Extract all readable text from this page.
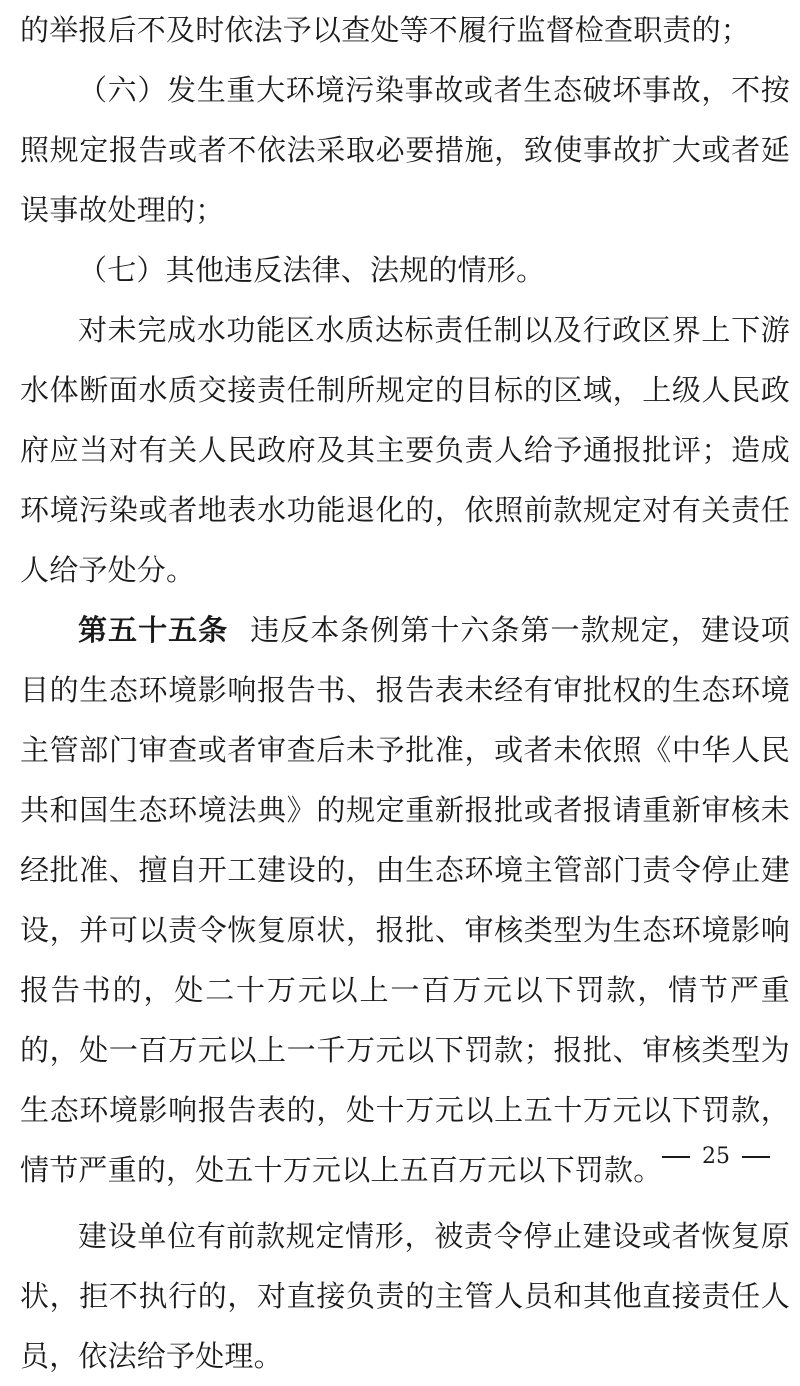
的举报后不及时依法予以查处等不履行监督检查职责的；

（六）发生重大环境污染事故或者生态破坏事故，不按照规定报告或者不依法采取必要措施，致使事故扩大或者延误事故处理的；

（七）其他违反法律、法规的情形。

对未完成水功能区水质达标责任制以及行政区界上下游水体断面水质交接责任制所规定的目标的区域，上级人民政府应当对有关人民政府及其主要负责人给予通报批评；造成环境污染或者地表水功能退化的，依照前款规定对有关责任人给予处分。

第五十五条 违反本条例第十六条第一款规定，建设项目的生态环境影响报告书、报告表未经有审批权的生态环境主管部门审查或者审查后未予批准，或者未依照《中华人民共和国生态环境法典》的规定重新报批或者报请重新审核未经批准、擅自开工建设的，由生态环境主管部门责令停止建设，并可以责令恢复原状，报批、审核类型为生态环境影响报告书的，处二十万元以上一百万元以下罚款，情节严重的，处一百万元以上一千万元以下罚款；报批、审核类型为生态环境影响报告表的，处十万元以上五十万元以下罚款，情节严重的，处五十万元以上五百万元以下罚款。

建设单位有前款规定情形，被责令停止建设或者恢复原状，拒不执行的，对直接负责的主管人员和其他直接责任人员，依法给予处理。

25
